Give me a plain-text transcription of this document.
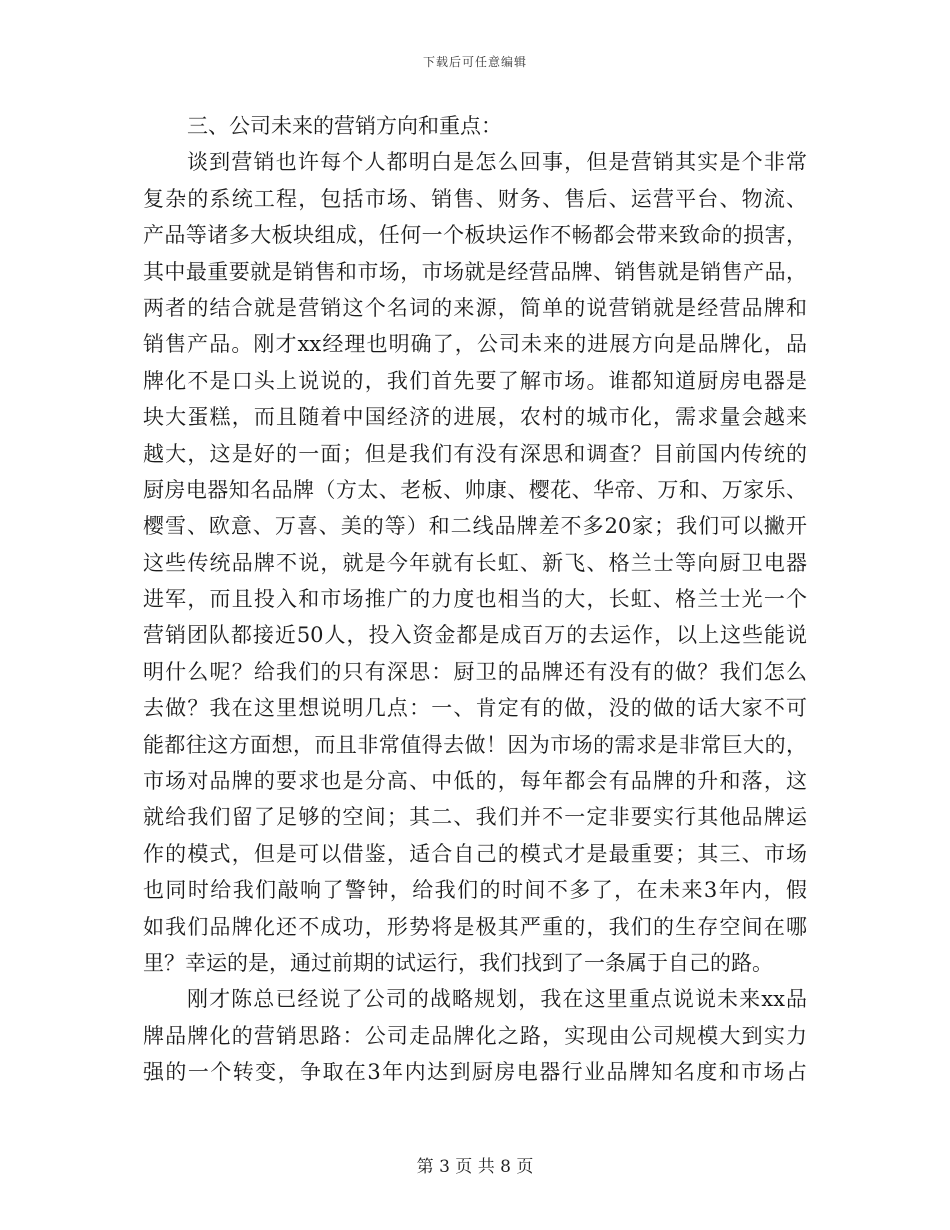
下载后可任意编辑
三、公司未来的营销方向和重点：
谈到营销也许每个人都明白是怎么回事，但是营销其实是个非常
复杂的系统工程，包括市场、销售、财务、售后、运营平台、物流、
产品等诸多大板块组成，任何一个板块运作不畅都会带来致命的损害，
其中最重要就是销售和市场，市场就是经营品牌、销售就是销售产品，
两者的结合就是营销这个名词的来源，简单的说营销就是经营品牌和
销售产品。刚才xx经理也明确了，公司未来的进展方向是品牌化，品
牌化不是口头上说说的，我们首先要了解市场。谁都知道厨房电器是
块大蛋糕，而且随着中国经济的进展，农村的城市化，需求量会越来
越大，这是好的一面；但是我们有没有深思和调查？目前国内传统的
厨房电器知名品牌（方太、老板、帅康、樱花、华帝、万和、万家乐、
樱雪、欧意、万喜、美的等）和二线品牌差不多20家；我们可以撇开
这些传统品牌不说，就是今年就有长虹、新飞、格兰士等向厨卫电器
进军，而且投入和市场推广的力度也相当的大，长虹、格兰士光一个
营销团队都接近50人，投入资金都是成百万的去运作，以上这些能说
明什么呢？给我们的只有深思：厨卫的品牌还有没有的做？我们怎么
去做？我在这里想说明几点：一、肯定有的做，没的做的话大家不可
能都往这方面想，而且非常值得去做！因为市场的需求是非常巨大的，
市场对品牌的要求也是分高、中低的，每年都会有品牌的升和落，这
就给我们留了足够的空间；其二、我们并不一定非要实行其他品牌运
作的模式，但是可以借鉴，适合自己的模式才是最重要；其三、市场
也同时给我们敲响了警钟，给我们的时间不多了，在未来3年内，假
如我们品牌化还不成功，形势将是极其严重的，我们的生存空间在哪
里？幸运的是，通过前期的试运行，我们找到了一条属于自己的路。
刚才陈总已经说了公司的战略规划，我在这里重点说说未来xx品
牌品牌化的营销思路：公司走品牌化之路，实现由公司规模大到实力
强的一个转变，争取在3年内达到厨房电器行业品牌知名度和市场占
第 3 页 共 8 页
